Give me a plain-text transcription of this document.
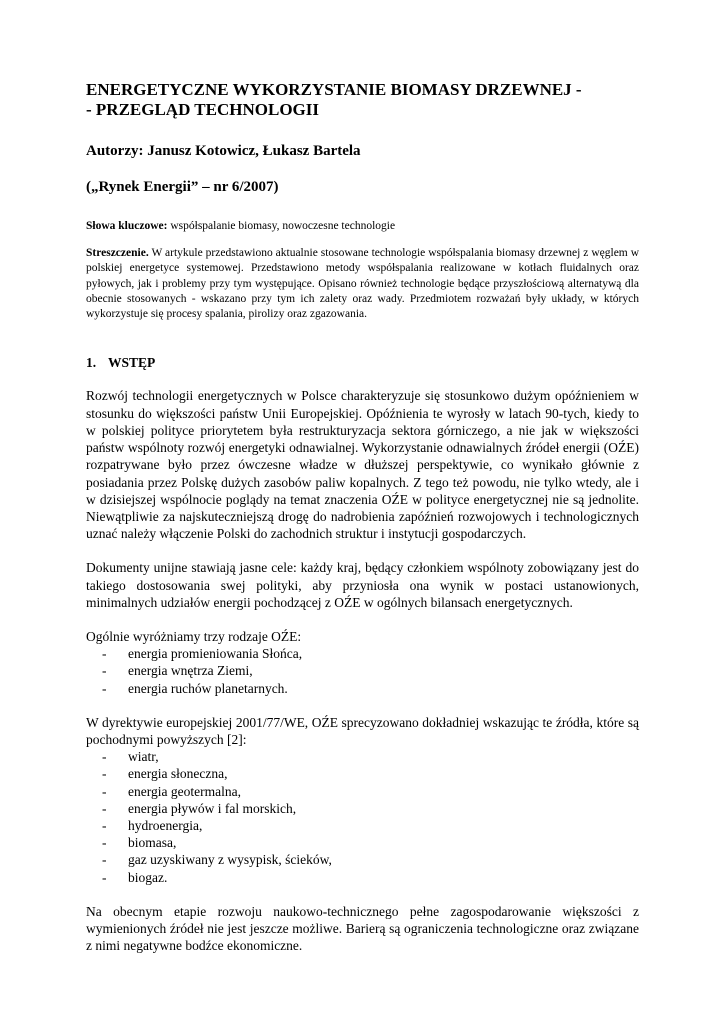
ENERGETYCZNE WYKORZYSTANIE BIOMASY DRZEWNEJ -
- PRZEGLĄD TECHNOLOGII
Autorzy: Janusz Kotowicz, Łukasz Bartela
(„Rynek Energii” – nr 6/2007)
Słowa kluczowe: współspalanie biomasy, nowoczesne technologie
Streszczenie. W artykule przedstawiono aktualnie stosowane technologie współspalania biomasy drzewnej z węglem w polskiej energetyce systemowej. Przedstawiono metody współspalania realizowane w kotłach fluidalnych oraz pyłowych, jak i problemy przy tym występujące. Opisano również technologie będące przyszłościową alternatywą dla obecnie stosowanych - wskazano przy tym ich zalety oraz wady. Przedmiotem rozważań były układy, w których wykorzystuje się procesy spalania, pirolizy oraz zgazowania.
1. WSTĘP

Rozwój technologii energetycznych w Polsce charakteryzuje się stosunkowo dużym opóźnieniem w stosunku do większości państw Unii Europejskiej. Opóźnienia te wyrosły w latach 90-tych, kiedy to w polskiej polityce priorytetem była restrukturyzacja sektora górniczego, a nie jak w większości państw wspólnoty rozwój energetyki odnawialnej. Wykorzystanie odnawialnych źródeł energii (OŹE) rozpatrywane było przez ówczesne władze w dłuższej perspektywie, co wynikało głównie z posiadania przez Polskę dużych zasobów paliw kopalnych. Z tego też powodu, nie tylko wtedy, ale i w dzisiejszej wspólnocie poglądy na temat znaczenia OŹE w polityce energetycznej nie są jednolite. Niewątpliwie za najskuteczniejszą drogę do nadrobienia zapóźnień rozwojowych i technologicznych uznać należy włączenie Polski do zachodnich struktur i instytucji gospodarczych.

Dokumenty unijne stawiają jasne cele: każdy kraj, będący członkiem wspólnoty zobowiązany jest do takiego dostosowania swej polityki, aby przyniosła ona wynik w postaci ustanowionych, minimalnych udziałów energii pochodzącej z OŹE w ogólnych bilansach energetycznych.

Ogólnie wyróżniamy trzy rodzaje OŹE:

- energia promieniowania Słońca,
- energia wnętrza Ziemi,
- energia ruchów planetarnych.

W dyrektywie europejskiej 2001/77/WE, OŹE sprecyzowano dokładniej wskazując te źródła, które są pochodnymi powyższych [2]:

- wiatr,
- energia słoneczna,
- energia geotermalna,
- energia pływów i fal morskich,
- hydroenergia,
- biomasa,
- gaz uzyskiwany z wysypisk, ścieków,
- biogaz.

Na obecnym etapie rozwoju naukowo-technicznego pełne zagospodarowanie większości z wymienionych źródeł nie jest jeszcze możliwe. Barierą są ograniczenia technologiczne oraz związane z nimi negatywne bodźce ekonomiczne.
